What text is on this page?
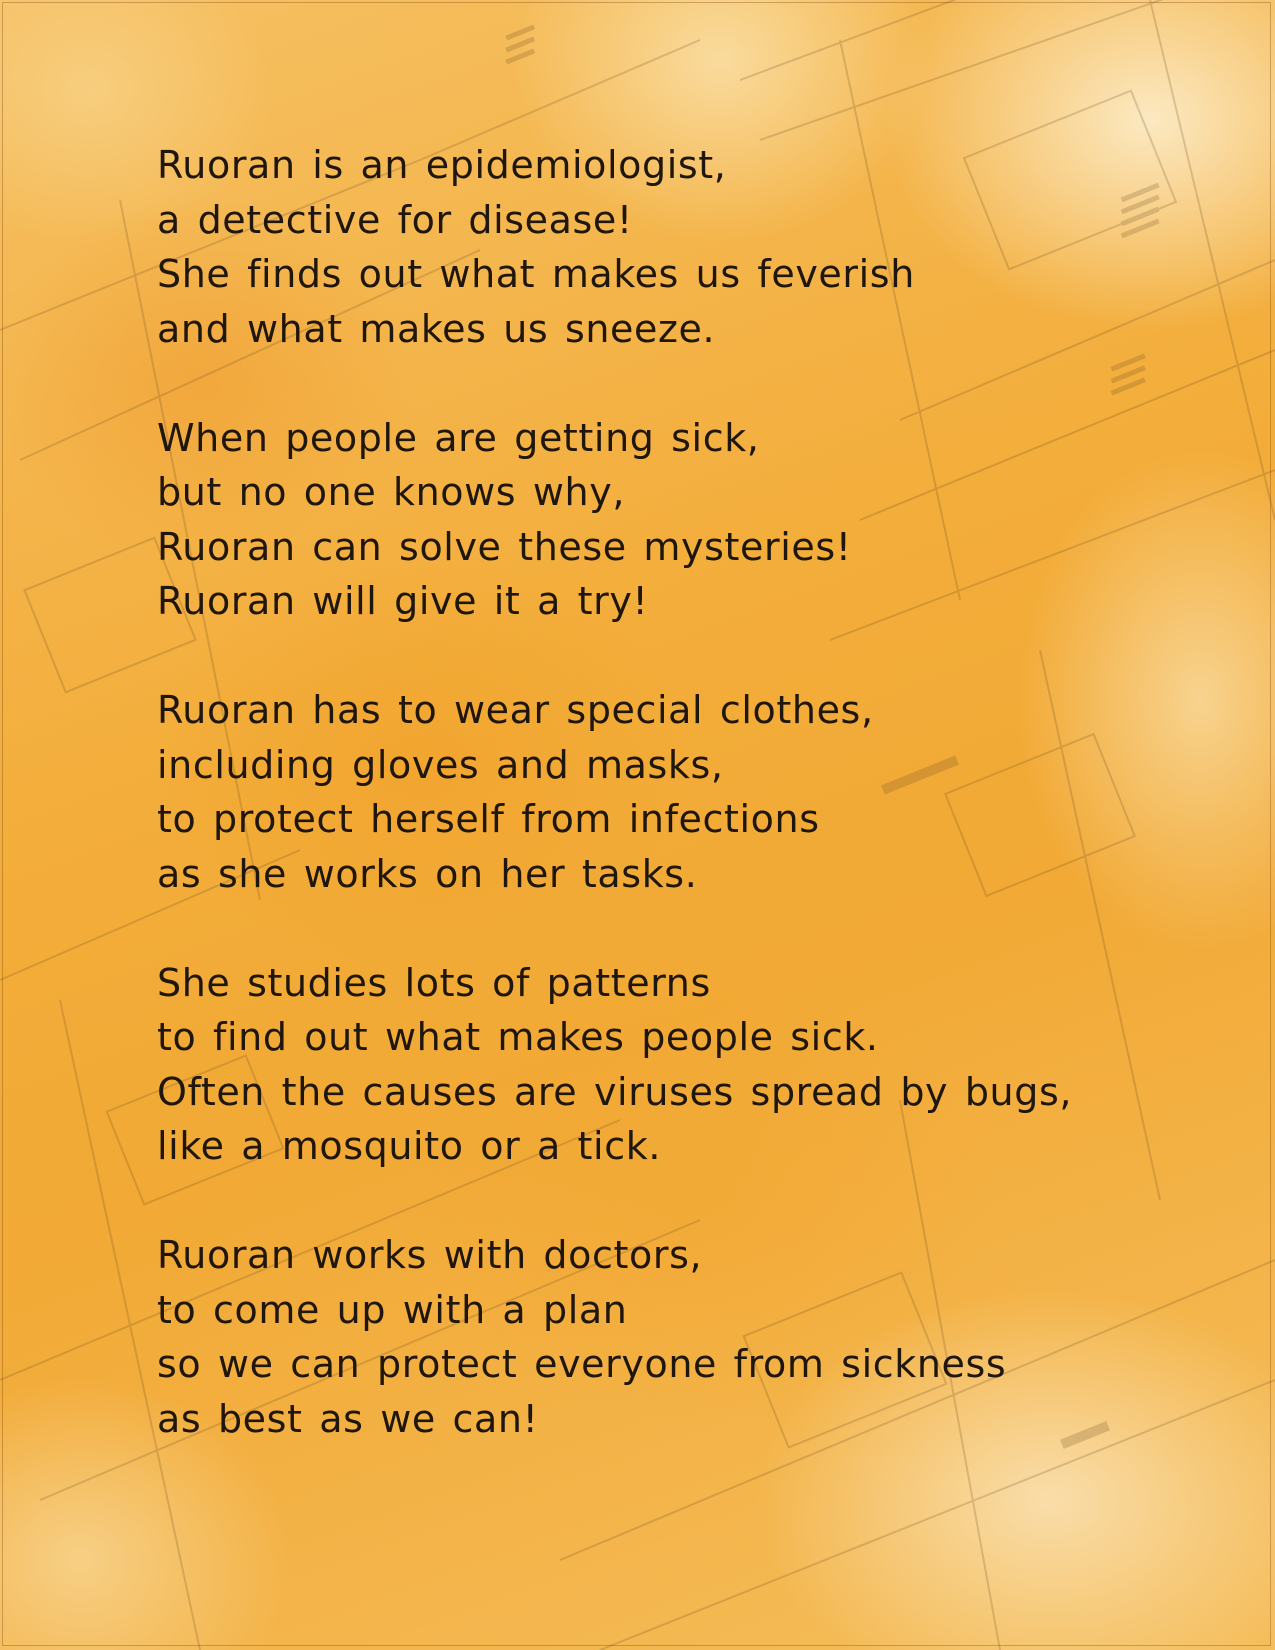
Ruoran is an epidemiologist,
a detective for disease!
She finds out what makes us feverish
and what makes us sneeze.
When people are getting sick,
but no one knows why,
Ruoran can solve these mysteries!
Ruoran will give it a try!
Ruoran has to wear special clothes,
including gloves and masks,
to protect herself from infections
as she works on her tasks.
She studies lots of patterns
to find out what makes people sick.
Often the causes are viruses spread by bugs,
like a mosquito or a tick.
Ruoran works with doctors,
to come up with a plan
so we can protect everyone from sickness
as best as we can!
